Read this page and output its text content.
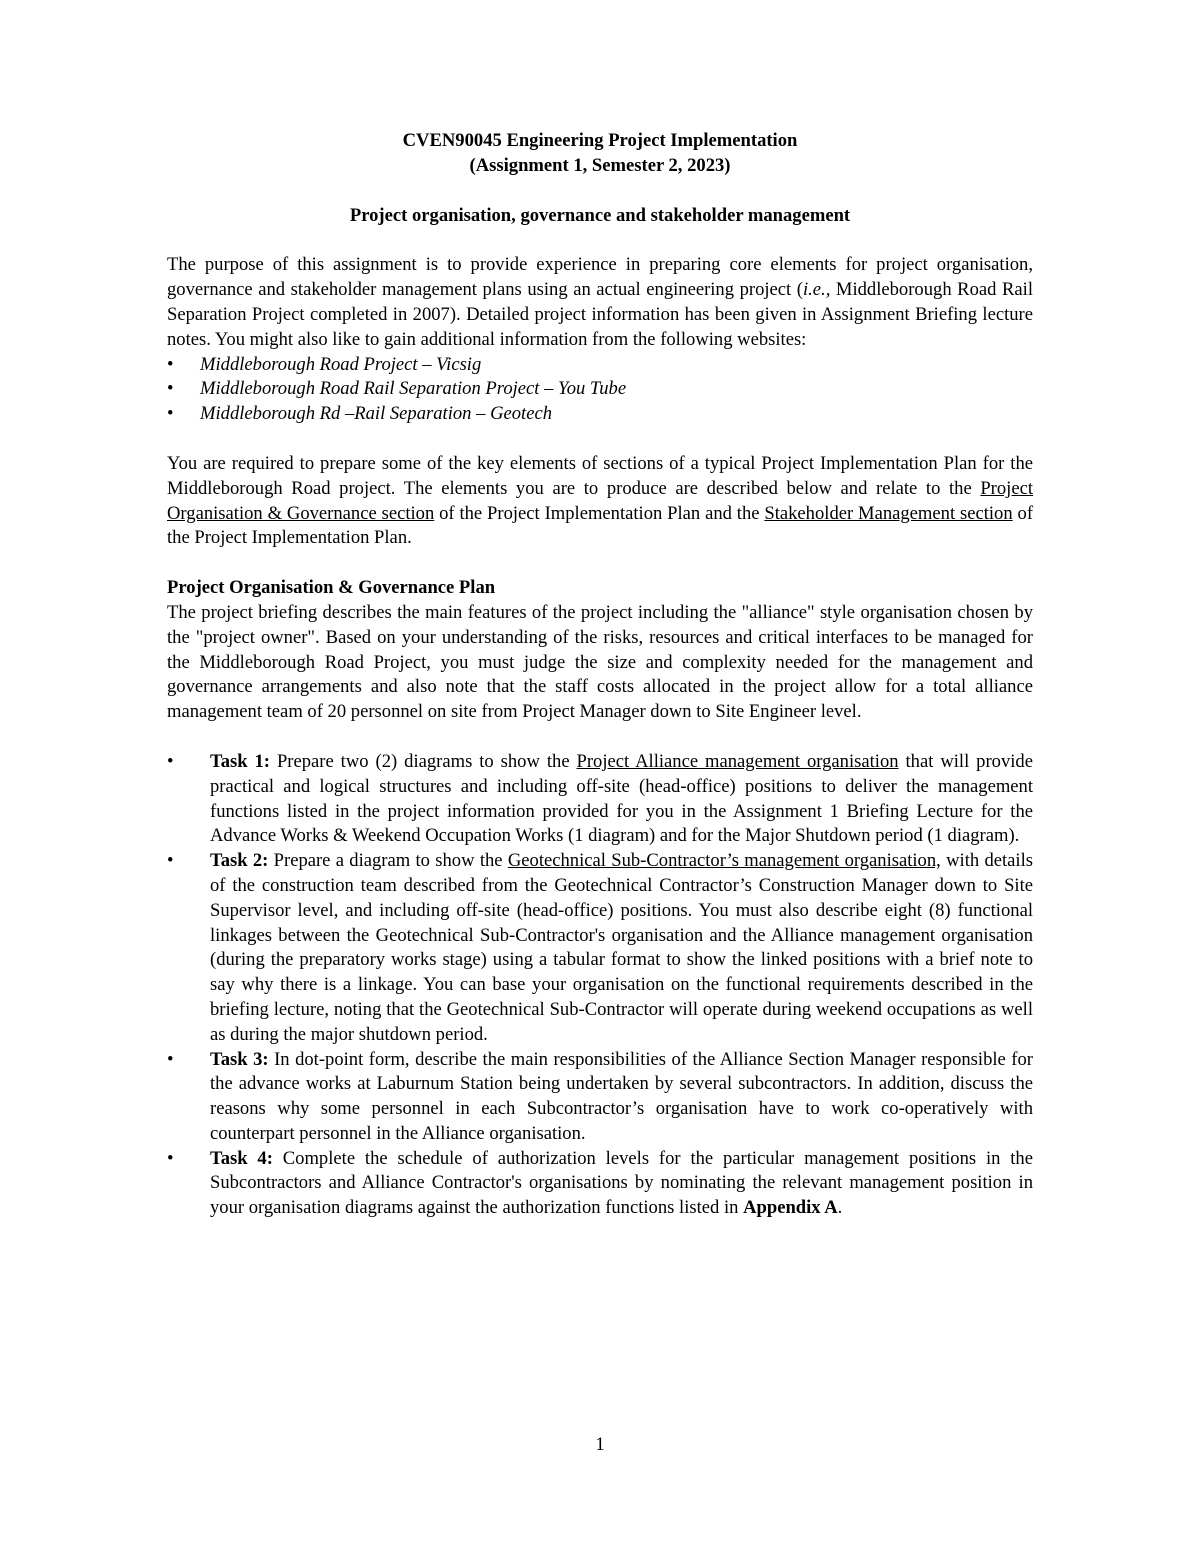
CVEN90045 Engineering Project Implementation

(Assignment 1, Semester 2, 2023)

Project organisation, governance and stakeholder management

The purpose of this assignment is to provide experience in preparing core elements for project organisation, governance and stakeholder management plans using an actual engineering project (i.e., Middleborough Road Rail Separation Project completed in 2007). Detailed project information has been given in Assignment Briefing lecture notes. You might also like to gain additional information from the following websites:

• Middleborough Road Project – Vicsig
• Middleborough Road Rail Separation Project – You Tube
• Middleborough Rd –Rail Separation – Geotech

You are required to prepare some of the key elements of sections of a typical Project Implementation Plan for the Middleborough Road project. The elements you are to produce are described below and relate to the Project Organisation & Governance section of the Project Implementation Plan and the Stakeholder Management section of the Project Implementation Plan.

Project Organisation & Governance Plan

The project briefing describes the main features of the project including the "alliance" style organisation chosen by the "project owner". Based on your understanding of the risks, resources and critical interfaces to be managed for the Middleborough Road Project, you must judge the size and complexity needed for the management and governance arrangements and also note that the staff costs allocated in the project allow for a total alliance management team of 20 personnel on site from Project Manager down to Site Engineer level.

• Task 1: Prepare two (2) diagrams to show the Project Alliance management organisation that will provide practical and logical structures and including off-site (head-office) positions to deliver the management functions listed in the project information provided for you in the Assignment 1 Briefing Lecture for the Advance Works & Weekend Occupation Works (1 diagram) and for the Major Shutdown period (1 diagram).
• Task 2: Prepare a diagram to show the Geotechnical Sub-Contractor’s management organisation, with details of the construction team described from the Geotechnical Contractor’s Construction Manager down to Site Supervisor level, and including off-site (head-office) positions. You must also describe eight (8) functional linkages between the Geotechnical Sub-Contractor's organisation and the Alliance management organisation (during the preparatory works stage) using a tabular format to show the linked positions with a brief note to say why there is a linkage. You can base your organisation on the functional requirements described in the briefing lecture, noting that the Geotechnical Sub-Contractor will operate during weekend occupations as well as during the major shutdown period.
• Task 3: In dot-point form, describe the main responsibilities of the Alliance Section Manager responsible for the advance works at Laburnum Station being undertaken by several subcontractors. In addition, discuss the reasons why some personnel in each Subcontractor’s organisation have to work co-operatively with counterpart personnel in the Alliance organisation.
• Task 4: Complete the schedule of authorization levels for the particular management positions in the Subcontractors and Alliance Contractor's organisations by nominating the relevant management position in your organisation diagrams against the authorization functions listed in Appendix A.
1
